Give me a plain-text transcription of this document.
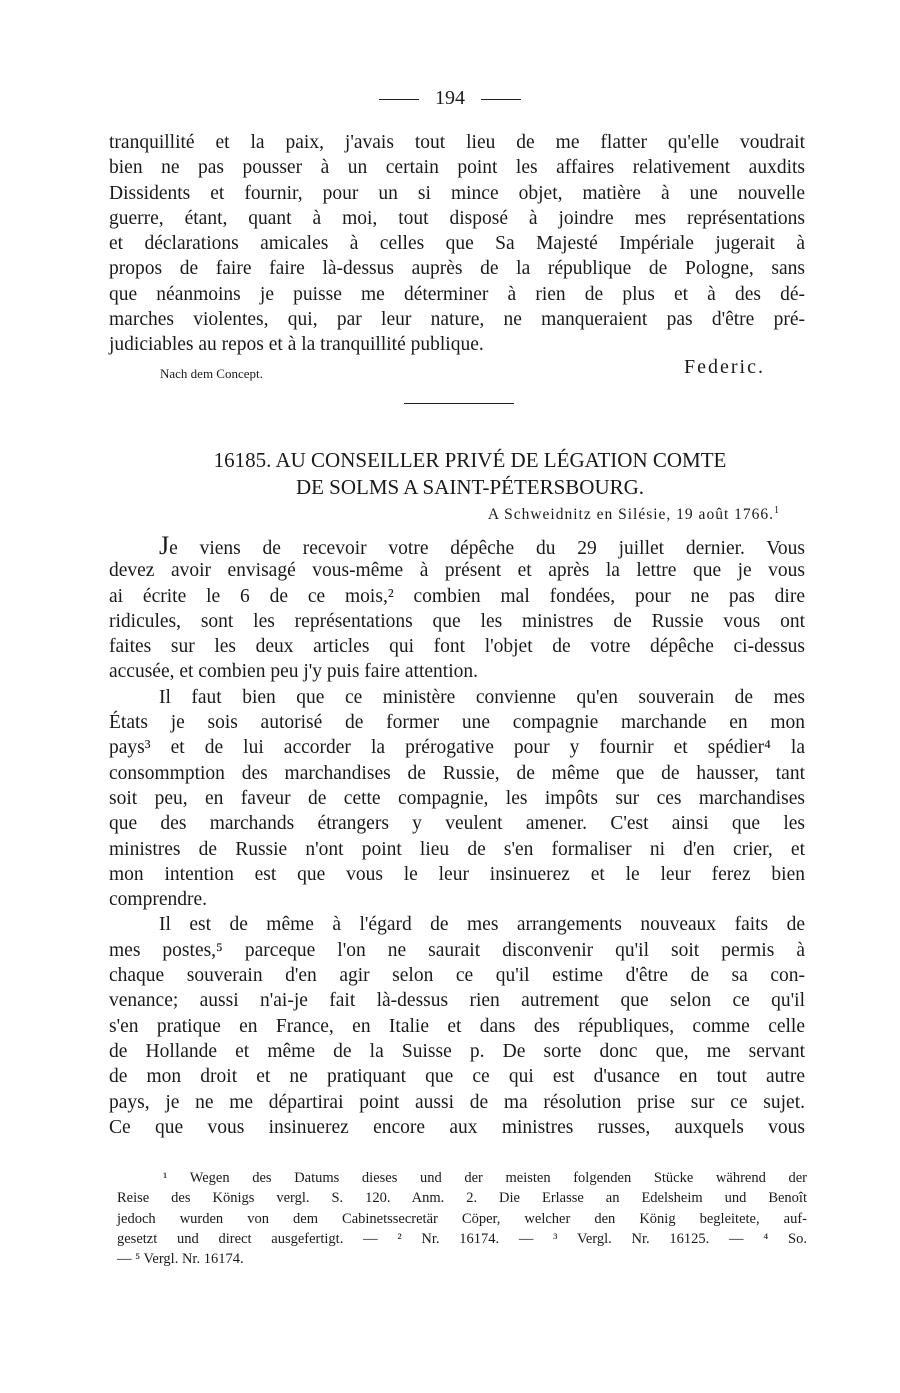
194
tranquillité et la paix, j'avais tout lieu de me flatter qu'elle voudrait
bien ne pas pousser à un certain point les affaires relativement auxdits
Dissidents et fournir, pour un si mince objet, matière à une nouvelle
guerre, étant, quant à moi, tout disposé à joindre mes représentations
et déclarations amicales à celles que Sa Majesté Impériale jugerait à
propos de faire faire là-dessus auprès de la république de Pologne, sans
que néanmoins je puisse me déterminer à rien de plus et à des dé-
marches violentes, qui, par leur nature, ne manqueraient pas d'être pré-
judiciables au repos et à la tranquillité publique.
Nach dem Concept.	Federic.
16185. AU CONSEILLER PRIVÉ DE LÉGATION COMTE
DE SOLMS A SAINT-PÉTERSBOURG.
A Schweidnitz en Silésie, 19 août 1766.$^1$
Je viens de recevoir votre dépêche du 29 juillet dernier. Vous
devez avoir envisagé vous-même à présent et après la lettre que je vous
ai écrite le 6 de ce mois,² combien mal fondées, pour ne pas dire
ridicules, sont les représentations que les ministres de Russie vous ont
faites sur les deux articles qui font l'objet de votre dépêche ci-dessus
accusée, et combien peu j'y puis faire attention.
Il faut bien que ce ministère convienne qu'en souverain de mes
États je sois autorisé de former une compagnie marchande en mon
pays³ et de lui accorder la prérogative pour y fournir et spédier⁴ la
consommption des marchandises de Russie, de même que de hausser, tant
soit peu, en faveur de cette compagnie, les impôts sur ces marchandises
que des marchands étrangers y veulent amener. C'est ainsi que les
ministres de Russie n'ont point lieu de s'en formaliser ni d'en crier, et
mon intention est que vous le leur insinuerez et le leur ferez bien
comprendre.
Il est de même à l'égard de mes arrangements nouveaux faits de
mes postes,⁵ parceque l'on ne saurait disconvenir qu'il soit permis à
chaque souverain d'en agir selon ce qu'il estime d'être de sa con-
venance; aussi n'ai-je fait là-dessus rien autrement que selon ce qu'il
s'en pratique en France, en Italie et dans des républiques, comme celle
de Hollande et même de la Suisse p. De sorte donc que, me servant
de mon droit et ne pratiquant que ce qui est d'usance en tout autre
pays, je ne me départirai point aussi de ma résolution prise sur ce sujet.
Ce que vous insinuerez encore aux ministres russes, auxquels vous
¹ Wegen des Datums dieses und der meisten folgenden Stücke während der
Reise des Königs vergl. S. 120. Anm. 2. Die Erlasse an Edelsheim und Benoît
jedoch wurden von dem Cabinetssecretär Cöper, welcher den König begleitete, auf-
gesetzt und direct ausgefertigt. — ² Nr. 16174. — ³ Vergl. Nr. 16125. — ⁴ So.
— ⁵ Vergl. Nr. 16174.
